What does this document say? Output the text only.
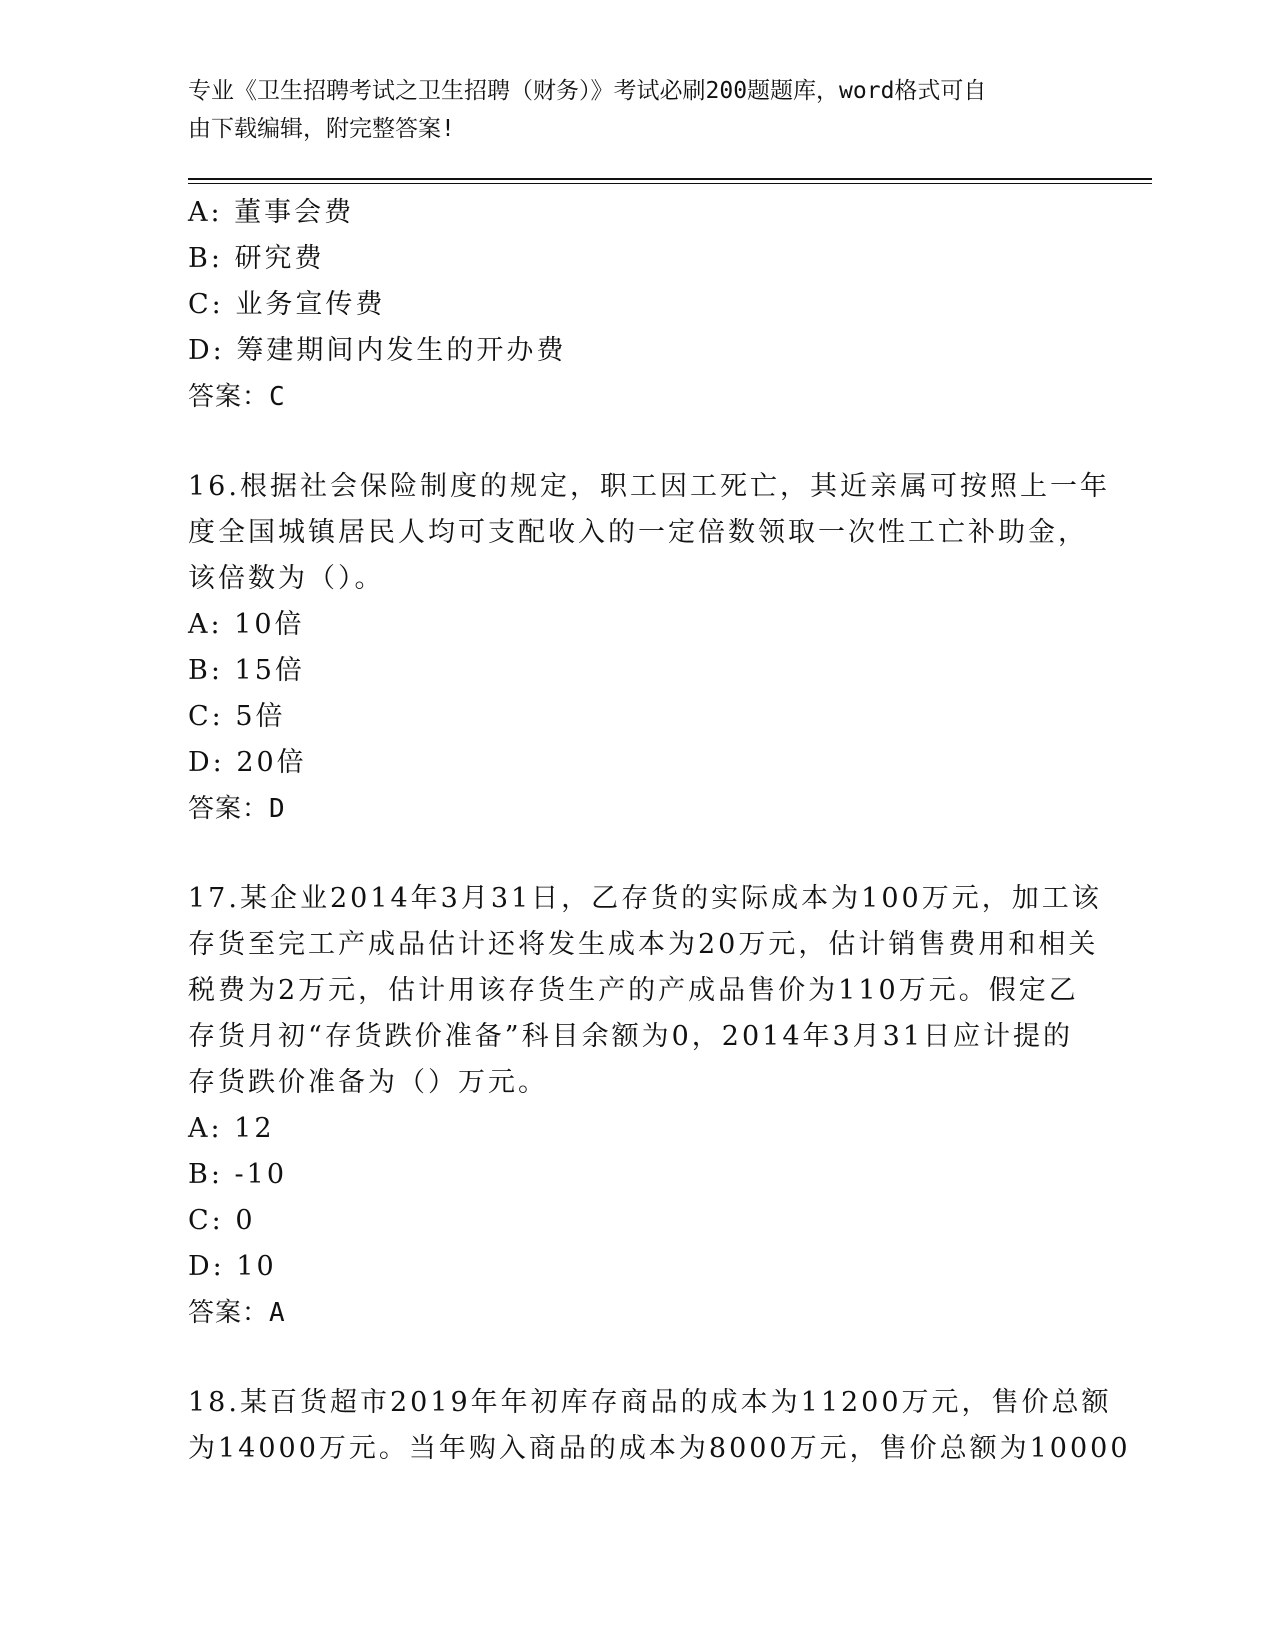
专业《卫生招聘考试之卫生招聘（财务）》考试必刷200题题库，word格式可自
由下载编辑，附完整答案!
A: 董事会费
B: 研究费
C: 业务宣传费
D: 筹建期间内发生的开办费
答案：C
16.根据社会保险制度的规定，职工因工死亡，其近亲属可按照上一年
度全国城镇居民人均可支配收入的一定倍数领取一次性工亡补助金，
该倍数为（）。
A: 10倍
B: 15倍
C: 5倍
D: 20倍
答案：D
17.某企业2014年3月31日，乙存货的实际成本为100万元，加工该
存货至完工产成品估计还将发生成本为20万元，估计销售费用和相关
税费为2万元，估计用该存货生产的产成品售价为110万元。假定乙
存货月初“存货跌价准备”科目余额为0，2014年3月31日应计提的
存货跌价准备为（）万元。
A: 12
B: -10
C: 0
D: 10
答案：A
18.某百货超市2019年年初库存商品的成本为11200万元，售价总额
为14000万元。当年购入商品的成本为8000万元，售价总额为10000
